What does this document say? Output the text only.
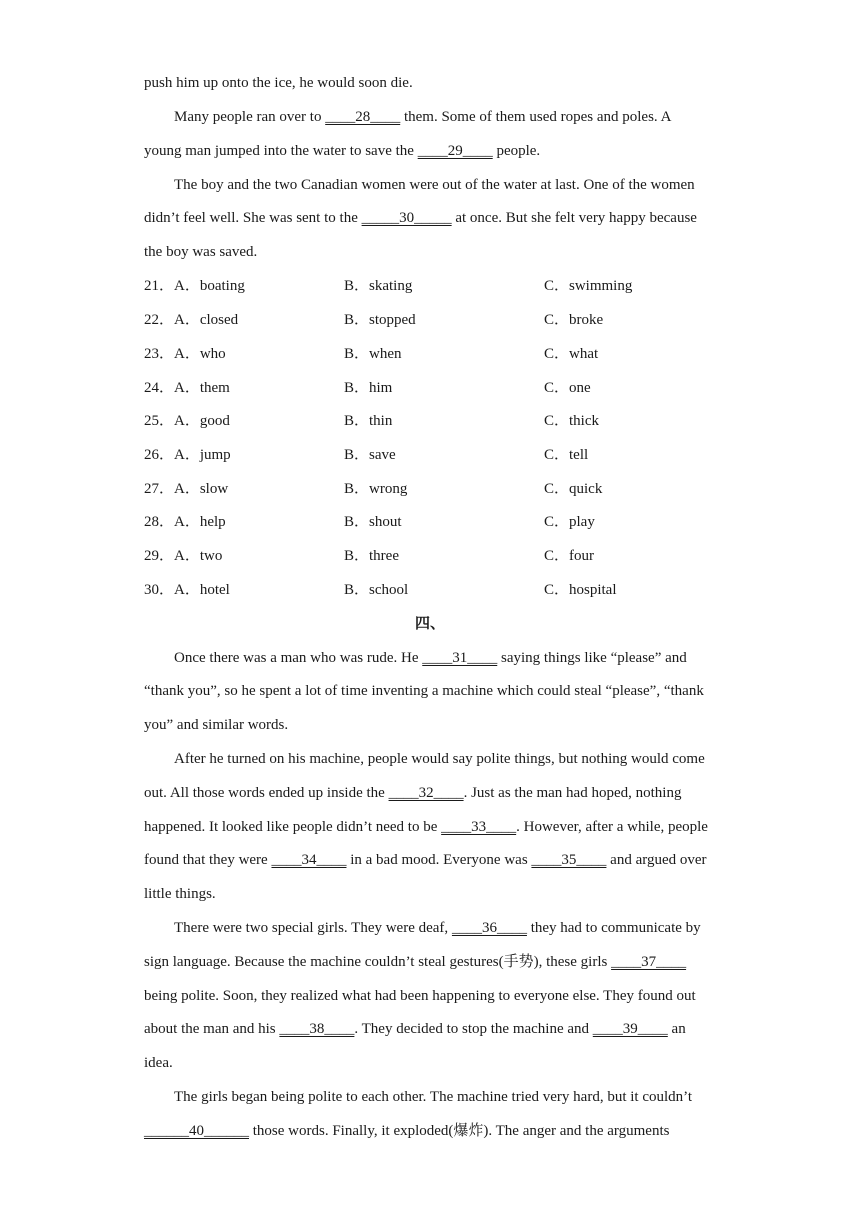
push him up onto the ice, he would soon die.
Many people ran over to ____28____ them. Some of them used ropes and poles. A
young man jumped into the water to save the ____29____ people.
The boy and the two Canadian women were out of the water at last. One of the women
didn’t feel well. She was sent to the _____30_____ at once. But she felt very happy because
the boy was saved.
21．A．boating	B．skating	C．swimming
22．A．closed	B．stopped	C．broke
23．A．who	B．when	C．what
24．A．them	B．him	C．one
25．A．good	B．thin	C．thick
26．A．jump	B．save	C．tell
27．A．slow	B．wrong	C．quick
28．A．help	B．shout	C．play
29．A．two	B．three	C．four
30．A．hotel	B．school	C．hospital
四、
Once there was a man who was rude. He ____31____ saying things like “please” and
“thank you”, so he spent a lot of time inventing a machine which could steal “please”, “thank
you” and similar words.
After he turned on his machine, people would say polite things, but nothing would come
out. All those words ended up inside the ____32____. Just as the man had hoped, nothing
happened. It looked like people didn’t need to be ____33____. However, after a while, people
found that they were ____34____ in a bad mood. Everyone was ____35____ and argued over
little things.
There were two special girls. They were deaf, ____36____ they had to communicate by
sign language. Because the machine couldn’t steal gestures(手势), these girls ____37____
being polite. Soon, they realized what had been happening to everyone else. They found out
about the man and his ____38____. They decided to stop the machine and ____39____ an
idea.
The girls began being polite to each other. The machine tried very hard, but it couldn’t
______40______ those words. Finally, it exploded(爆炸). The anger and the arguments
